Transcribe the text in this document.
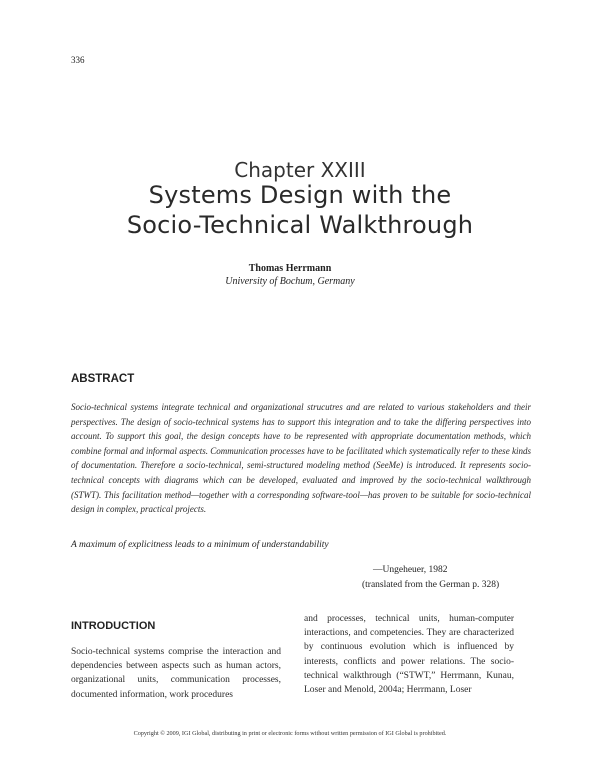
336
Chapter XXIII
Systems Design with the
Socio-Technical Walkthrough
Thomas Herrmann
University of Bochum, Germany
ABSTRACT
Socio-technical systems integrate technical and organizational strucutres and are related to various stakeholders and their perspectives. The design of socio-technical systems has to support this integration and to take the differing perspectives into account. To support this goal, the design concepts have to be represented with appropriate documentation methods, which combine formal and informal aspects. Communication processes have to be facilitated which systematically refer to these kinds of documentation. Therefore a socio-technical, semi-structured modeling method (SeeMe) is introduced. It represents socio-technical concepts with diagrams which can be developed, evaluated and improved by the socio-technical walkthrough (STWT). This facilitation method—together with a corresponding software-tool—has proven to be suitable for socio-technical design in complex, practical projects.
A maximum of explicitness leads to a minimum of understandability
—Ungeheuer, 1982
(translated from the German p. 328)
INTRODUCTION
Socio-technical systems comprise the interaction and dependencies between aspects such as human actors, organizational units, communication processes, documented information, work procedures
and processes, technical units, human-computer interactions, and competencies. They are characterized by continuous evolution which is influenced by interests, conflicts and power relations. The socio-technical walkthrough (“STWT,” Herrmann, Kunau, Loser and Menold, 2004a; Herrmann, Loser
Copyright © 2009, IGI Global, distributing in print or electronic forms without written permission of IGI Global is prohibited.
